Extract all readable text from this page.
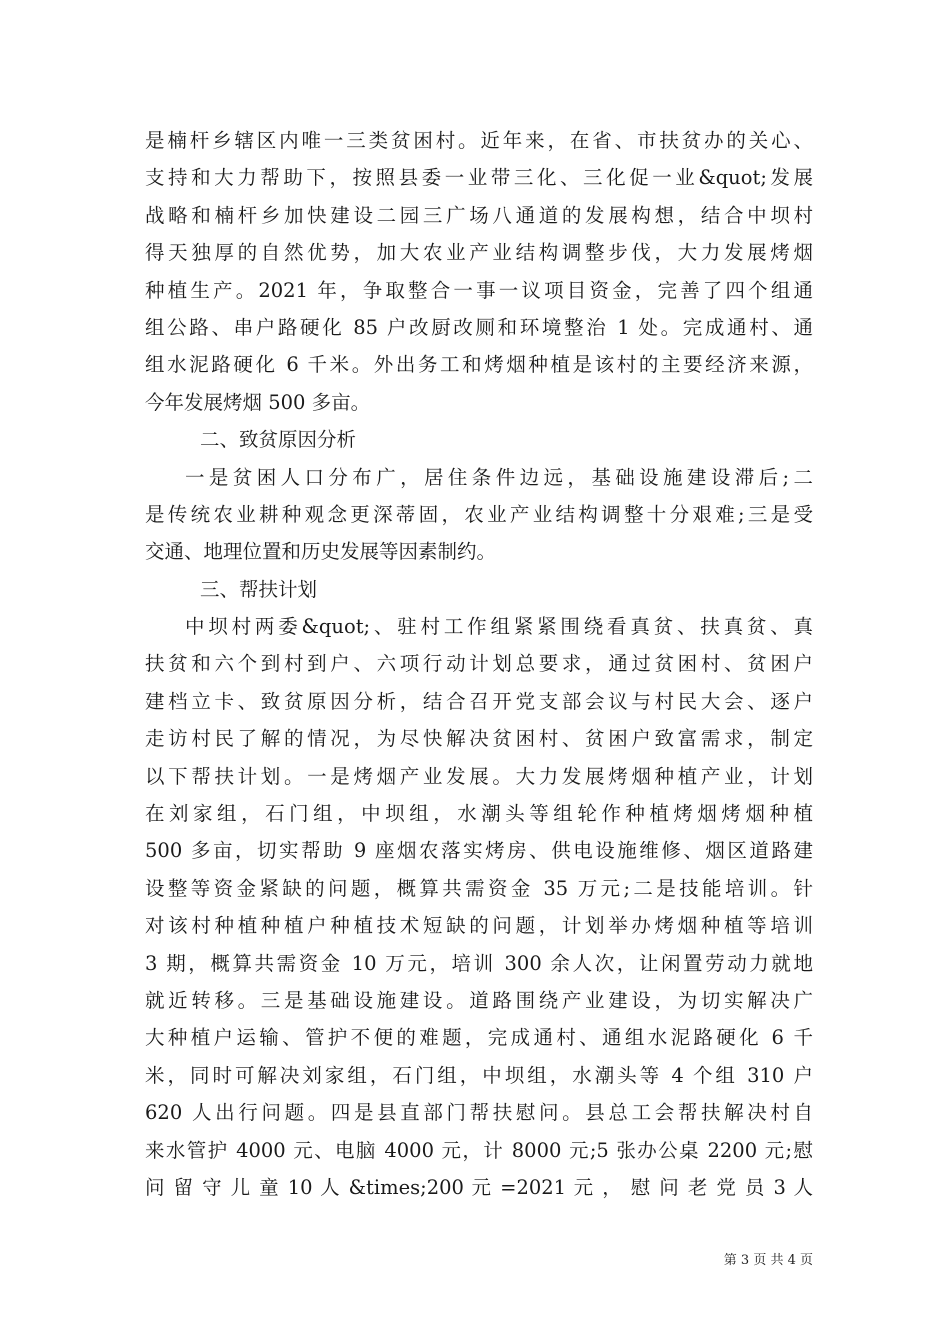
是楠杆乡辖区内唯一三类贫困村。近年来，在省、市扶贫办的关心、
支持和大力帮助下，按照县委一业带三化、三化促一业&quot;发展
战略和楠杆乡加快建设二园三广场八通道的发展构想，结合中坝村
得天独厚的自然优势，加大农业产业结构调整步伐，大力发展烤烟
种植生产。2021 年，争取整合一事一议项目资金，完善了四个组通
组公路、串户路硬化 85 户改厨改厕和环境整治 1 处。完成通村、通
组水泥路硬化 6 千米。外出务工和烤烟种植是该村的主要经济来源，
今年发展烤烟 500 多亩。
二、致贫原因分析
一是贫困人口分布广，居住条件边远，基础设施建设滞后;二
是传统农业耕种观念更深蒂固，农业产业结构调整十分艰难;三是受
交通、地理位置和历史发展等因素制约。
三、帮扶计划
中坝村两委&quot;、驻村工作组紧紧围绕看真贫、扶真贫、真
扶贫和六个到村到户、六项行动计划总要求，通过贫困村、贫困户
建档立卡、致贫原因分析，结合召开党支部会议与村民大会、逐户
走访村民了解的情况，为尽快解决贫困村、贫困户致富需求，制定
以下帮扶计划。一是烤烟产业发展。大力发展烤烟种植产业，计划
在刘家组，石门组，中坝组，水潮头等组轮作种植烤烟烤烟种植
500 多亩，切实帮助 9 座烟农落实烤房、供电设施维修、烟区道路建
设整等资金紧缺的问题，概算共需资金 35 万元;二是技能培训。针
对该村种植种植户种植技术短缺的问题，计划举办烤烟种植等培训
3 期，概算共需资金 10 万元，培训 300 余人次，让闲置劳动力就地
就近转移。三是基础设施建设。道路围绕产业建设，为切实解决广
大种植户运输、管护不便的难题，完成通村、通组水泥路硬化 6 千
米，同时可解决刘家组，石门组，中坝组，水潮头等 4 个组 310 户
620 人出行问题。四是县直部门帮扶慰问。县总工会帮扶解决村自
来水管护 4000 元、电脑 4000 元，计 8000 元;5 张办公桌 2200 元;慰
问 留 守 儿 童 10 人 &times;200 元 =2021 元 ， 慰 问 老 党 员 3 人
第 3 页 共 4 页
